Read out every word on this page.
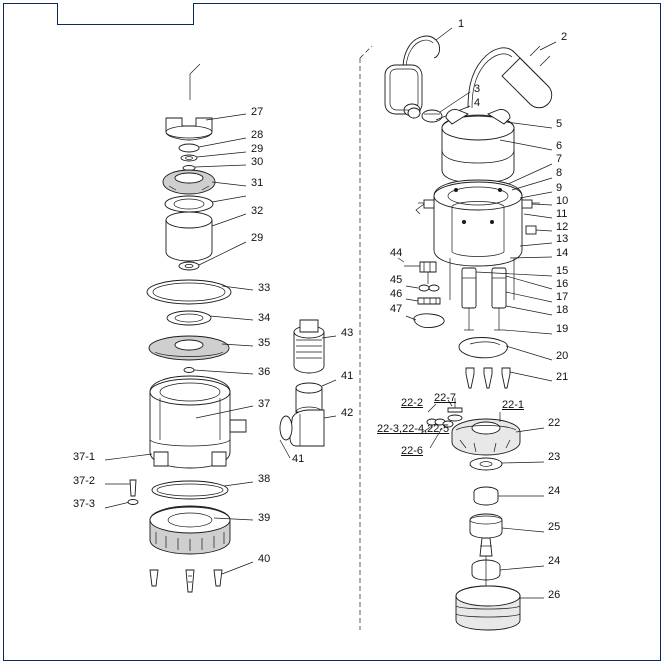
1
2
3
4
5
6
7
8
9
10
11
12
13
14
15
16
17
18
19
20
21
22
23
24
25
24
26
27
28
29
30
31
32
29
33
34
35
36
37
38
39
40
41
42
41
43
44
45
46
47
37-1
37-2
37-3
22-1
22-2 22-7
22-3,22-4,22-5
22-6
